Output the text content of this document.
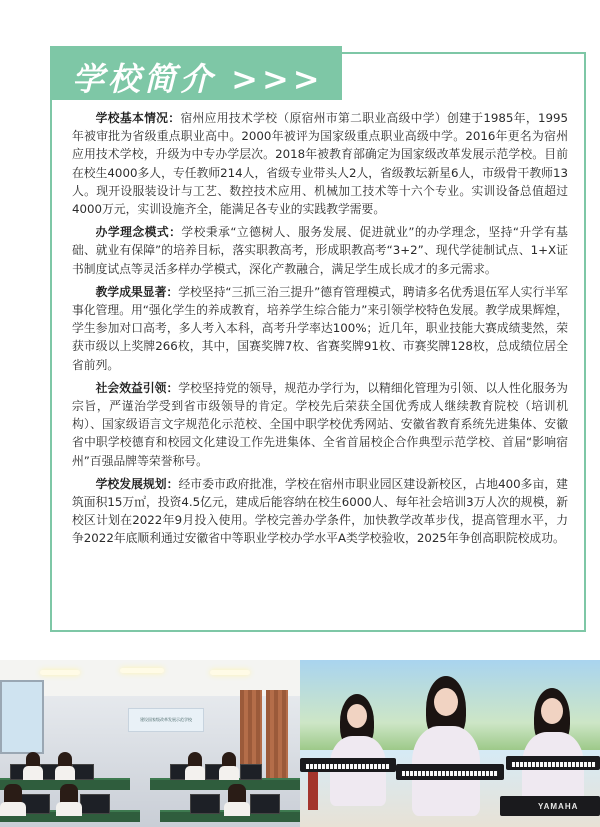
学校简介 >>>

学校基本情况：宿州应用技术学校（原宿州市第二职业高级中学）创建于1985年，1995年被审批为省级重点职业高中。2000年被评为国家级重点职业高级中学。2016年更名为宿州应用技术学校，升级为中专办学层次。2018年被教育部确定为国家级改革发展示范学校。目前在校生4000多人，专任教师214人，省级专业带头人2人，省级教坛新星6人，市级骨干教师13人。现开设服装设计与工艺、数控技术应用、机械加工技术等十六个专业。实训设备总值超过4000万元，实训设施齐全，能满足各专业的实践教学需要。

办学理念模式：学校秉承“立德树人、服务发展、促进就业”的办学理念，坚持“升学有基础、就业有保障”的培养目标，落实职教高考，形成职教高考“3+2”、现代学徒制试点、1+X证书制度试点等灵活多样办学模式，深化产教融合，满足学生成长成才的多元需求。

教学成果显著：学校坚持“三抓三治三提升”德育管理模式，聘请多名优秀退伍军人实行半军事化管理。用“强化学生的养成教育，培养学生综合能力”来引领学校特色发展。教学成果辉煌，学生参加对口高考，多人考入本科，高考升学率达100%；近几年，职业技能大赛成绩斐然，荣获市级以上奖牌266枚，其中，国赛奖牌7枚、省赛奖牌91枚、市赛奖牌128枚，总成绩位居全省前列。

社会效益引领：学校坚持党的领导，规范办学行为，以精细化管理为引领、以人性化服务为宗旨，严谨治学受到省市级领导的肯定。学校先后荣获全国优秀成人继续教育院校（培训机构）、国家级语言文字规范化示范校、全国中职学校优秀网站、安徽省教育系统先进集体、安徽省中职学校德育和校园文化建设工作先进集体、全省首届校企合作典型示范学校、首届“影响宿州”百强品牌等荣誉称号。

学校发展规划：经市委市政府批准，学校在宿州市职业园区建设新校区，占地400多亩，建筑面积15万㎡，投资4.5亿元，建成后能容纳在校生6000人、每年社会培训3万人次的规模，新校区计划在2022年9月投入使用。学校完善办学条件，加快教学改革步伐，提高管理水平，力争2022年底顺利通过安徽省中等职业学校办学水平A类学校验收，2025年争创高职院校成功。

建设国家级改革发展示范学校
YAMAHA
